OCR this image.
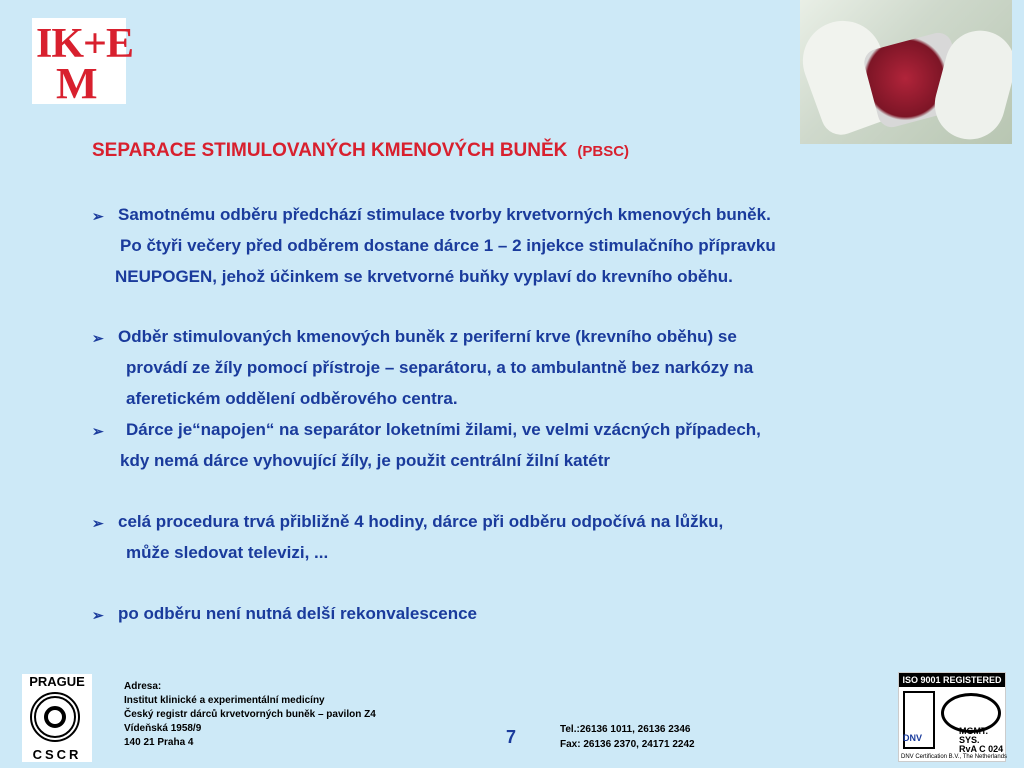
IK+E
M
SEPARACE STIMULOVANÝCH KMENOVÝCH BUNĚK (PBSC)
➢ Samotnému odběru předchází stimulace tvorby krvetvorných kmenových buněk.
Po čtyři večery před odběrem dostane dárce 1 – 2 injekce stimulačního přípravku
NEUPOGEN, jehož účinkem se krvetvorné buňky vyplaví do krevního oběhu.
➢ Odběr stimulovaných kmenových buněk z periferní krve (krevního oběhu) se
provádí ze žíly pomocí přístroje – separátoru, a to ambulantně bez narkózy na
aferetickém oddělení odběrového centra.
➢ Dárce je“napojen“ na separátor loketními žilami, ve velmi vzácných případech,
kdy nemá dárce vyhovující žíly, je použit centrální žilní katétr
➢ celá procedura trvá přibližně 4 hodiny, dárce při odběru odpočívá na lůžku,
může sledovat televizi, ...
➢ po odběru není nutná delší rekonvalescence
PRAGUE
CSCR
Adresa:
Institut klinické a experimentální medicíny
Český registr dárců krvetvorných buněk – pavilon Z4
Vídeňská 1958/9
140 21 Praha 4	7	Tel.:26136 1011, 26136 2346
Fax: 26136 2370, 24171 2242
ISO 9001 REGISTERED
DNV
MGMT. SYS.
RvA C 024
DNV Certification B.V., The Netherlands
